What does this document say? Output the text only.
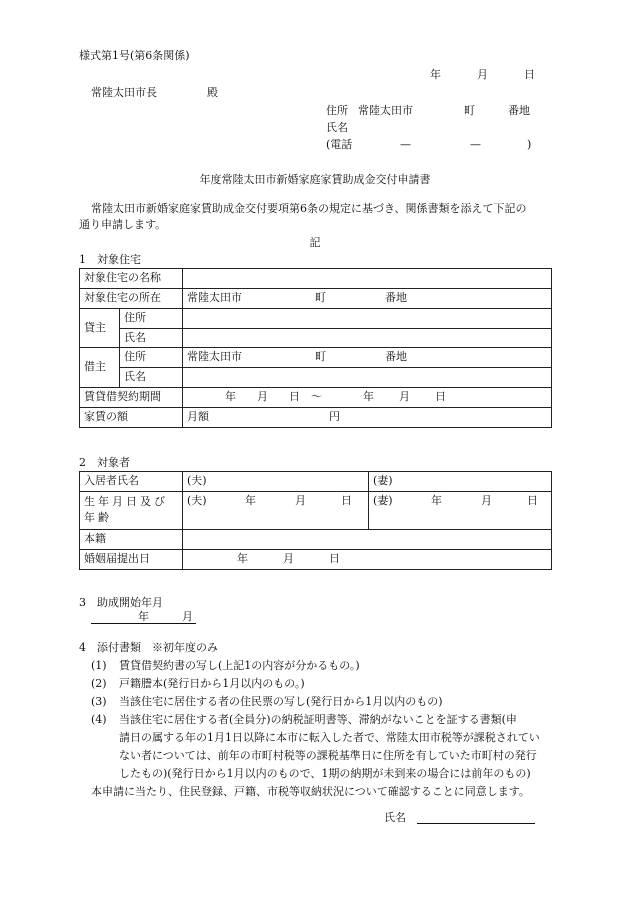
様式第1号(第6条関係)
年	月	日
常陸太田市長	殿
住所 常陸太田市	町	番地
氏名
(電話	—	—	)
年度常陸太田市新婚家庭家賃助成金交付申請書
常陸太田市新婚家庭家賃助成金交付要項第6条の規定に基づき、関係書類を添えて下記の
通り申請します。
記
1　対象住宅
対象住宅の名称		
対象住宅の所在		常陸太田市 町 番地
貸主	住所	
	氏名	
借主	住所	常陸太田市 町 番地
	氏名	
賃貸借契約期間		年 月 日 ～ 年 月 日
家賃の額		月額 円
2　対象者
入居者氏名	(夫)	(妻)
生年月日及び年齢	(夫) 年 月 日	(妻) 年 月 日
本籍		
婚姻届提出日	年 月 日	
3　助成開始年月
年	月
4　添付書類　※初年度のみ
(1) 賃貸借契約書の写し(上記1の内容が分かるもの。)
(2) 戸籍謄本(発行日から1月以内のもの。)
(3) 当該住宅に居住する者の住民票の写し(発行日から1月以内のもの)
(4) 当該住宅に居住する者(全員分)の納税証明書等、滞納がないことを証する書類(申
請日の属する年の1月1日以降に本市に転入した者で、常陸太田市税等が課税されてい
ない者については、前年の市町村税等の課税基準日に住所を有していた市町村の発行
したもの)(発行日から1月以内のもので、1期の納期が未到来の場合には前年のもの)
本申請に当たり、住民登録、戸籍、市税等収納状況について確認することに同意します。
氏名
